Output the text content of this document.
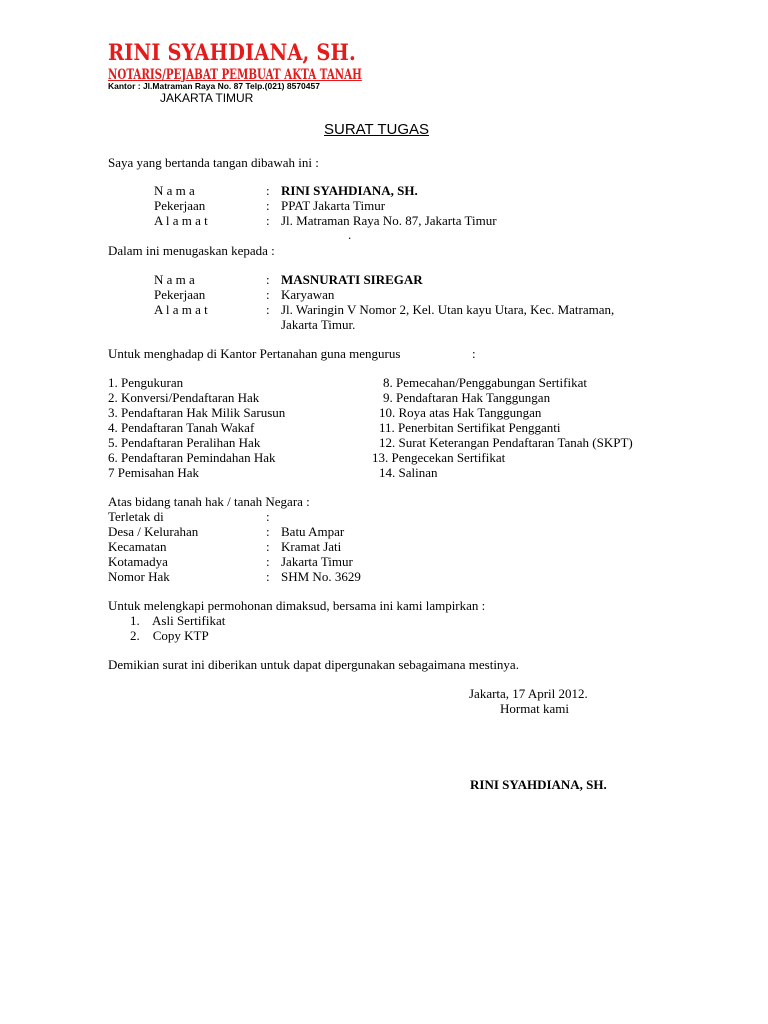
RINI SYAHDIANA, SH.
NOTARIS/PEJABAT PEMBUAT AKTA TANAH
Kantor : Jl.Matraman Raya No. 87 Telp.(021) 8570457
JAKARTA TIMUR
SURAT TUGAS
Saya yang bertanda tangan dibawah ini :
N a m a	: RINI SYAHDIANA, SH.
Pekerjaan	: PPAT Jakarta Timur
A l a m a t	: Jl. Matraman Raya No. 87, Jakarta Timur
.
Dalam ini menugaskan kepada :
N a m a	: MASNURATI SIREGAR
Pekerjaan	: Karyawan
A l a m a t	: Jl. Waringin V Nomor 2, Kel. Utan kayu Utara, Kec. Matraman,
Jakarta Timur.
Untuk menghadap di Kantor Pertanahan guna mengurus	:
1. Pengukuran
2. Konversi/Pendaftaran Hak
3. Pendaftaran Hak Milik Sarusun
4. Pendaftaran Tanah Wakaf
5. Pendaftaran Peralihan Hak
6. Pendaftaran Pemindahan Hak
7 Pemisahan Hak
8. Pemecahan/Penggabungan Sertifikat
9. Pendaftaran Hak Tanggungan
10. Roya atas Hak Tanggungan
11. Penerbitan Sertifikat Pengganti
12. Surat Keterangan Pendaftaran Tanah (SKPT)
13. Pengecekan Sertifikat
14. Salinan
Atas bidang tanah hak / tanah Negara :
Terletak di	:
Desa / Kelurahan	: Batu Ampar
Kecamatan	: Kramat Jati
Kotamadya	: Jakarta Timur
Nomor Hak	: SHM No. 3629
Untuk melengkapi permohonan dimaksud, bersama ini kami lampirkan :
1.    Asli Sertifikat
2.    Copy KTP
Demikian surat ini diberikan untuk dapat dipergunakan sebagaimana mestinya.
Jakarta, 17 April 2012.
Hormat kami
RINI SYAHDIANA, SH.
